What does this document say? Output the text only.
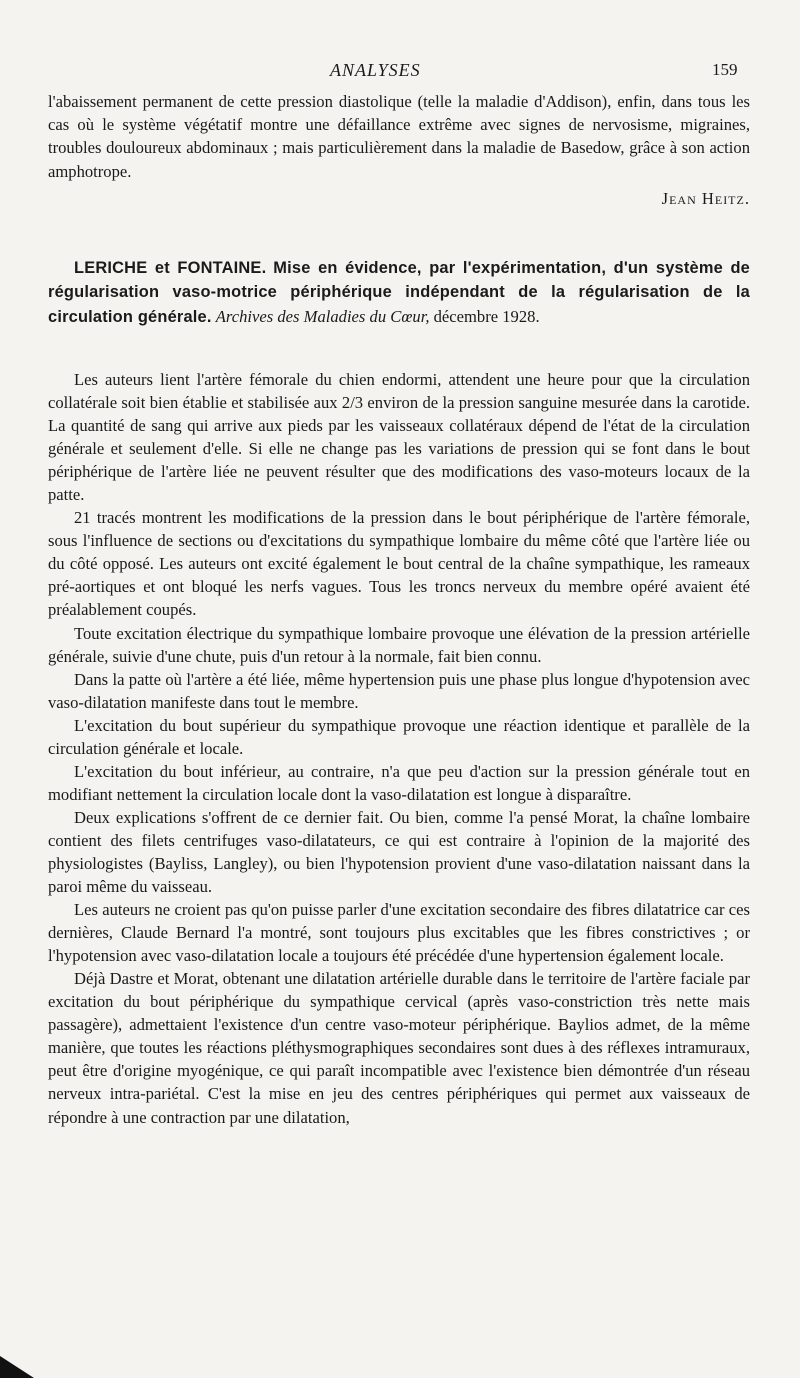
ANALYSES	159

l'abaissement permanent de cette pression diastolique (telle la maladie d'Addison), enfin, dans tous les cas où le système végétatif montre une défaillance extrême avec signes de nervosisme, migraines, troubles douloureux abdominaux ; mais particulièrement dans la maladie de Basedow, grâce à son action amphotrope.

Jean Heitz.

LERICHE et FONTAINE. Mise en évidence, par l'expérimentation, d'un système de régularisation vaso-motrice périphérique indépendant de la régularisation de la circulation générale. Archives des Maladies du Cœur, décembre 1928.

Les auteurs lient l'artère fémorale du chien endormi, attendent une heure pour que la circulation collatérale soit bien établie et stabilisée aux 2/3 environ de la pression sanguine mesurée dans la carotide. La quantité de sang qui arrive aux pieds par les vaisseaux collatéraux dépend de l'état de la circulation générale et seulement d'elle. Si elle ne change pas les variations de pression qui se font dans le bout périphérique de l'artère liée ne peuvent résulter que des modifications des vaso-moteurs locaux de la patte.

21 tracés montrent les modifications de la pression dans le bout périphérique de l'artère fémorale, sous l'influence de sections ou d'excitations du sympathique lombaire du même côté que l'artère liée ou du côté opposé. Les auteurs ont excité également le bout central de la chaîne sympathique, les rameaux pré-aortiques et ont bloqué les nerfs vagues. Tous les troncs nerveux du membre opéré avaient été préalablement coupés.

Toute excitation électrique du sympathique lombaire provoque une élévation de la pression artérielle générale, suivie d'une chute, puis d'un retour à la normale, fait bien connu.

Dans la patte où l'artère a été liée, même hypertension puis une phase plus longue d'hypotension avec vaso-dilatation manifeste dans tout le membre.

L'excitation du bout supérieur du sympathique provoque une réaction identique et parallèle de la circulation générale et locale.

L'excitation du bout inférieur, au contraire, n'a que peu d'action sur la pression générale tout en modifiant nettement la circulation locale dont la vaso-dilatation est longue à disparaître.

Deux explications s'offrent de ce dernier fait. Ou bien, comme l'a pensé Morat, la chaîne lombaire contient des filets centrifuges vaso-dilatateurs, ce qui est contraire à l'opinion de la majorité des physiologistes (Bayliss, Langley), ou bien l'hypotension provient d'une vaso-dilatation naissant dans la paroi même du vaisseau.

Les auteurs ne croient pas qu'on puisse parler d'une excitation secondaire des fibres dilatatrice car ces dernières, Claude Bernard l'a montré, sont toujours plus excitables que les fibres constrictives ; or l'hypotension avec vaso-dilatation locale a toujours été précédée d'une hypertension également locale.

Déjà Dastre et Morat, obtenant une dilatation artérielle durable dans le territoire de l'artère faciale par excitation du bout périphérique du sympathique cervical (après vaso-constriction très nette mais passagère), admettaient l'existence d'un centre vaso-moteur périphérique. Baylios admet, de la même manière, que toutes les réactions pléthysmographiques secondaires sont dues à des réflexes intramuraux, peut être d'origine myogénique, ce qui paraît incompatible avec l'existence bien démontrée d'un réseau nerveux intra-pariétal. C'est la mise en jeu des centres périphériques qui permet aux vaisseaux de répondre à une contraction par une dilatation,
